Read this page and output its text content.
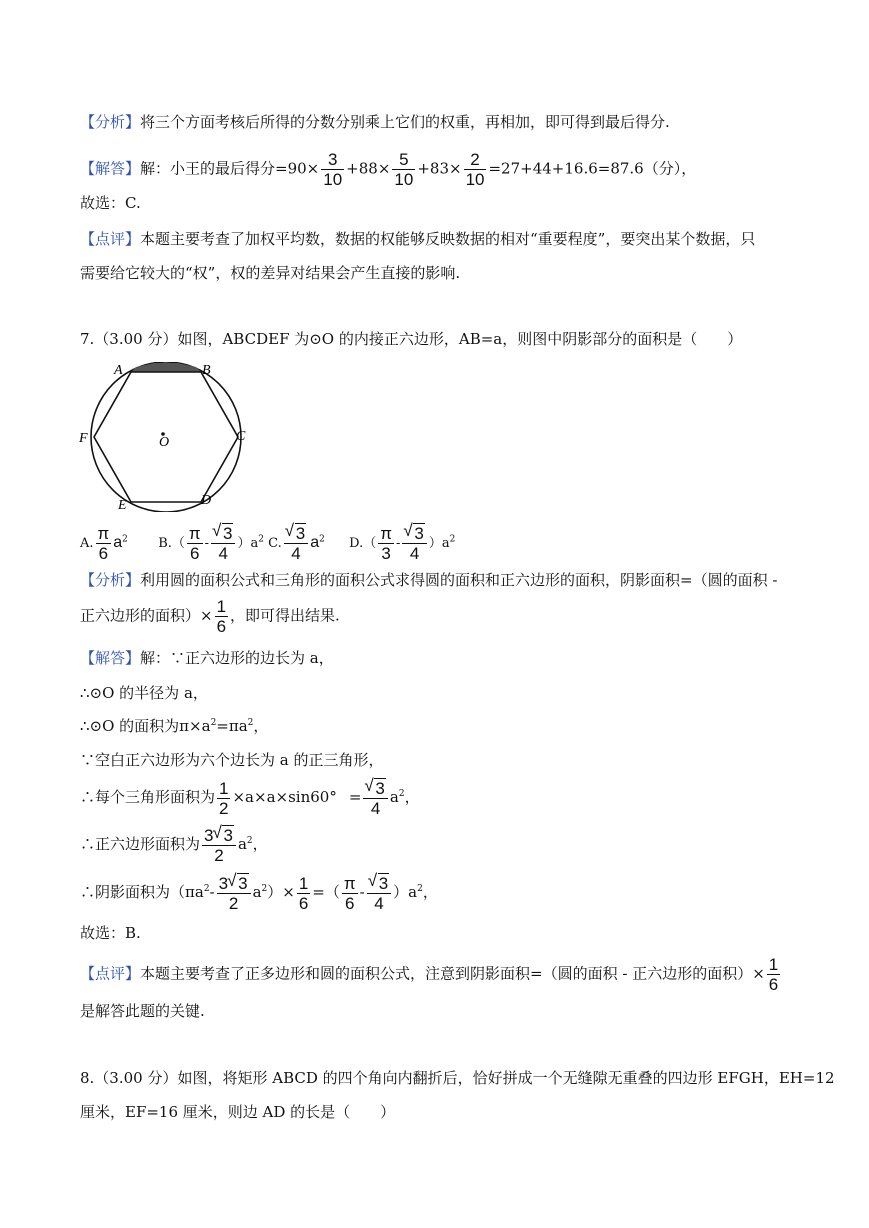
【分析】将三个方面考核后所得的分数分别乘上它们的权重，再相加，即可得到最后得分.
【解答】解：小王的最后得分$=90\times \frac{3}{10} +88\times \frac{5}{10} +83\times \frac{2}{10} =27+44+16.6=87.6$（分），
故选：C.
【点评】本题主要考查了加权平均数，数据的权能够反映数据的相对“重要程度”，要突出某个数据，只
需要给它较大的“权”，权的差异对结果会产生直接的影响.
7.（3.00 分）如图，ABCDEF 为⊙O 的内接正六边形，AB=a，则图中阴影部分的面积是（　　）
A	B
C
D
E
F	O
A. $\frac{\pi}{6} a^2$ $B.( \frac{\pi}{6}$ - √ $\frac{3}{4} )a^2$ C. √ $\frac{3}{4} a^2$ $D.( \frac{\pi}{3}$ - √ $\frac{3}{4} )a^2$
【分析】利用圆的面积公式和三角形的面积公式求得圆的面积和正六边形的面积，阴影面积=（圆的面积 -
正六边形的面积）× $\frac{1}{6}$ ，即可得出结果.
【解答】解：∵正六边形的边长为 a，
∴⊙O 的半径为 a，
∴⊙O 的面积为$\pi\times a^2=\pi a^2$，
∵空白正六边形为六个边长为 a 的正三角形，
∴每个三角形面积为 $\frac{1}{2} \times a\times a\times\sin 60^\circ$ = √ $\frac{3}{4} a^2$，
∴正六边形面积为 $\frac{3 √ 3}{2} a^2$，
∴阴影面积为$(\pi a^2- \frac{3 √ 3}{2} a^2)\times \frac{1}{6}$ =（ $\frac{\pi}{6}$ - √ $\frac{3}{4} )a^2$，
故选：B.
【点评】本题主要考查了正多边形和圆的面积公式，注意到阴影面积=（圆的面积 - 正六边形的面积）× $\frac{1}{6}$
是解答此题的关键.
8.（3.00 分）如图，将矩形 ABCD 的四个角向内翻折后，恰好拼成一个无缝隙无重叠的四边形 EFGH，EH=12
厘米，EF=16 厘米，则边 AD 的长是（　　）
